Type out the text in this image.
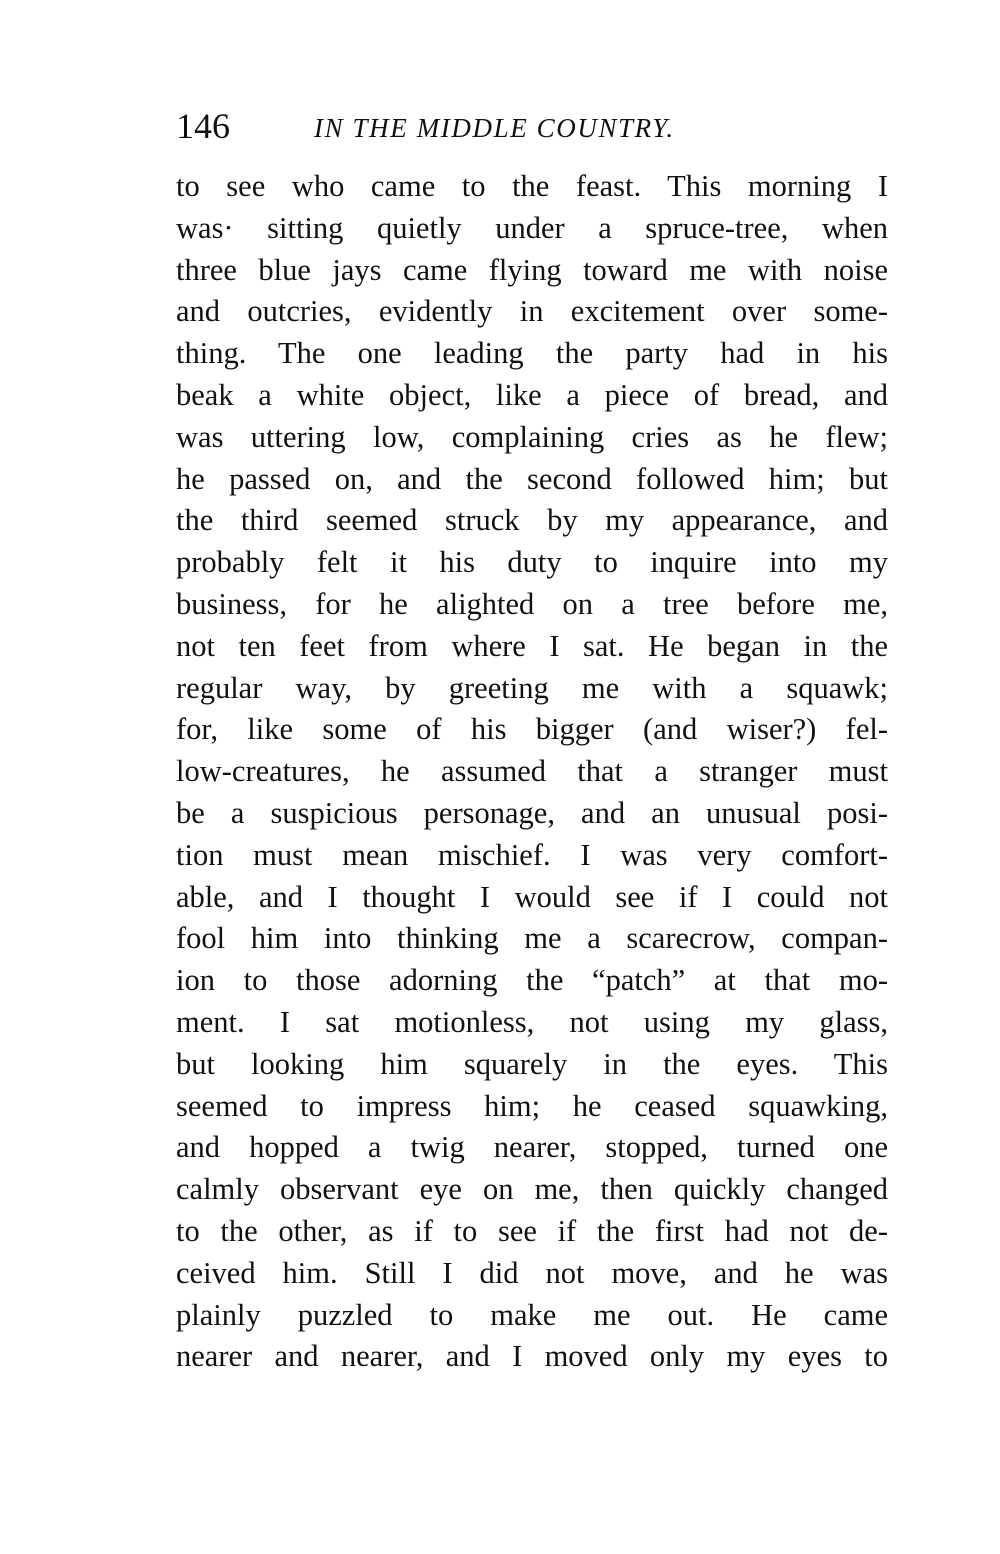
146	IN THE MIDDLE COUNTRY.
to see who came to the feast. This morning I
was· sitting quietly under a spruce-tree, when
three blue jays came flying toward me with noise
and outcries, evidently in excitement over some-
thing. The one leading the party had in his
beak a white object, like a piece of bread, and
was uttering low, complaining cries as he flew;
he passed on, and the second followed him; but
the third seemed struck by my appearance, and
probably felt it his duty to inquire into my
business, for he alighted on a tree before me,
not ten feet from where I sat. He began in the
regular way, by greeting me with a squawk;
for, like some of his bigger (and wiser?) fel-
low-creatures, he assumed that a stranger must
be a suspicious personage, and an unusual posi-
tion must mean mischief. I was very comfort-
able, and I thought I would see if I could not
fool him into thinking me a scarecrow, compan-
ion to those adorning the “patch” at that mo-
ment. I sat motionless, not using my glass,
but looking him squarely in the eyes. This
seemed to impress him; he ceased squawking,
and hopped a twig nearer, stopped, turned one
calmly observant eye on me, then quickly changed
to the other, as if to see if the first had not de-
ceived him. Still I did not move, and he was
plainly puzzled to make me out. He came
nearer and nearer, and I moved only my eyes to
